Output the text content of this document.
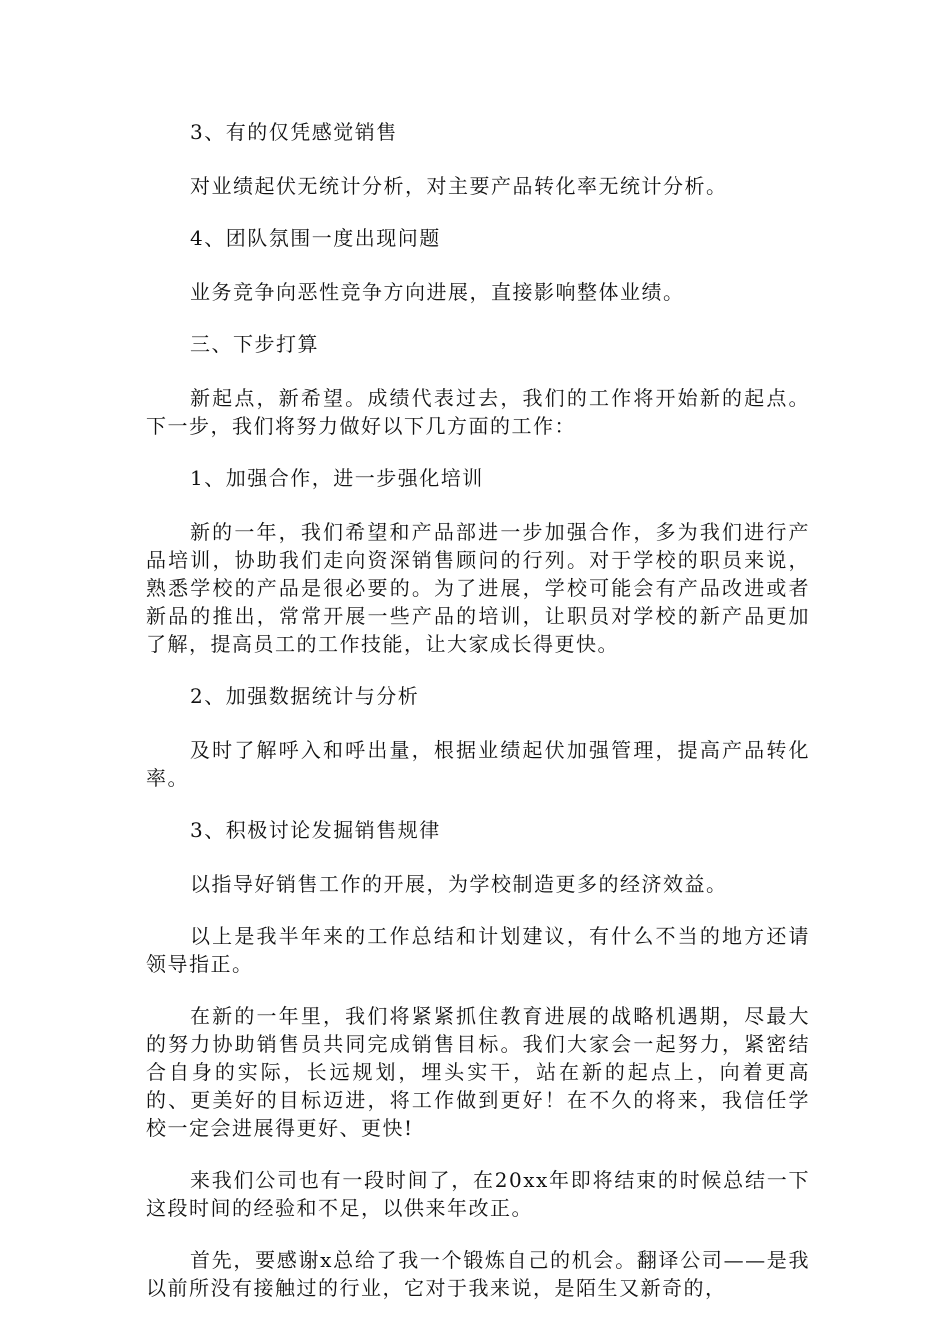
3、有的仅凭感觉销售

对业绩起伏无统计分析，对主要产品转化率无统计分析。

4、团队氛围一度出现问题

业务竞争向恶性竞争方向进展，直接影响整体业绩。

三、下步打算

新起点，新希望。成绩代表过去，我们的工作将开始新的起点。下一步，我们将努力做好以下几方面的工作：

1、加强合作，进一步强化培训

新的一年，我们希望和产品部进一步加强合作，多为我们进行产品培训，协助我们走向资深销售顾问的行列。对于学校的职员来说，熟悉学校的产品是很必要的。为了进展，学校可能会有产品改进或者新品的推出，常常开展一些产品的培训，让职员对学校的新产品更加了解，提高员工的工作技能，让大家成长得更快。

2、加强数据统计与分析

及时了解呼入和呼出量，根据业绩起伏加强管理，提高产品转化率。

3、积极讨论发掘销售规律

以指导好销售工作的开展，为学校制造更多的经济效益。

以上是我半年来的工作总结和计划建议，有什么不当的地方还请领导指正。

在新的一年里，我们将紧紧抓住教育进展的战略机遇期，尽最大的努力协助销售员共同完成销售目标。我们大家会一起努力，紧密结合自身的实际，长远规划，埋头实干，站在新的起点上，向着更高的、更美好的目标迈进，将工作做到更好！在不久的将来，我信任学校一定会进展得更好、更快!

来我们公司也有一段时间了，在20xx年即将结束的时候总结一下这段时间的经验和不足，以供来年改正。

首先，要感谢x总给了我一个锻炼自己的机会。翻译公司——是我以前所没有接触过的行业，它对于我来说，是陌生又新奇的，
